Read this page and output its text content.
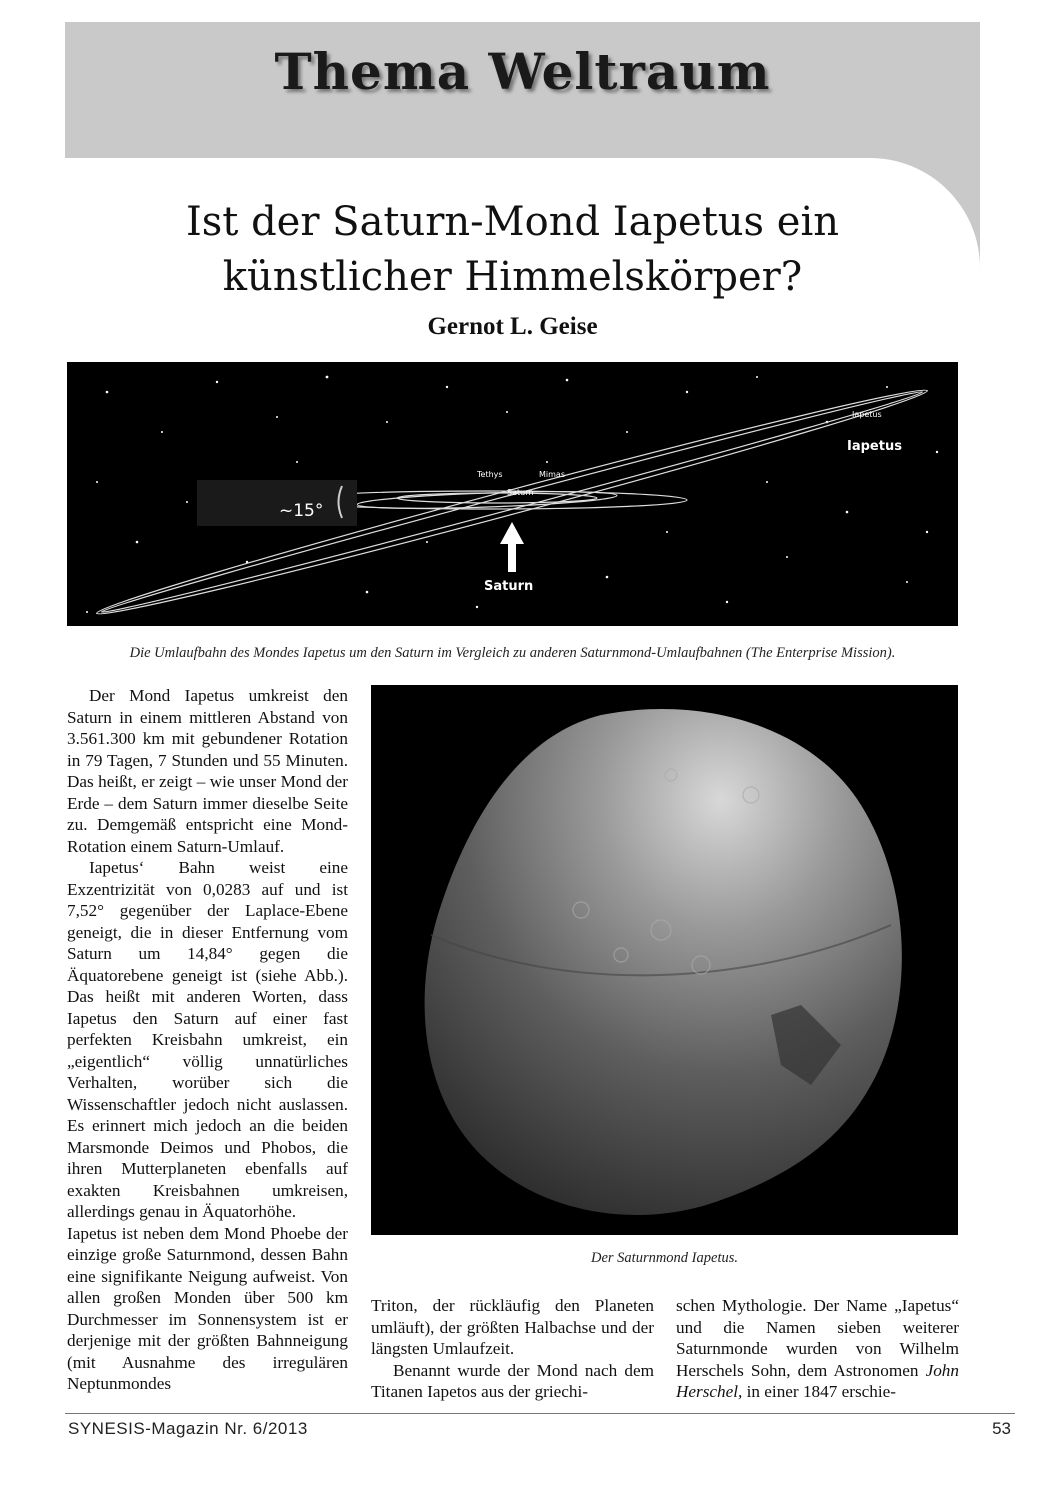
Thema Weltraum
Ist der Saturn-Mond Iapetus ein
künstlicher Himmelskörper?

Gernot L. Geise

~15°
Tethys	Mimas
Saturn
Iapetus
Iapetus
Saturn

Die Umlaufbahn des Mondes Iapetus um den Saturn im Vergleich zu anderen Saturnmond-Umlaufbahnen (The Enterprise Mission).

Der Saturnmond Iapetus.

Der Mond Iapetus umkreist den Saturn in einem mittleren Abstand von 3.561.300 km mit gebundener Rotation in 79 Tagen, 7 Stunden und 55 Minuten. Das heißt, er zeigt – wie unser Mond der Erde – dem Saturn immer dieselbe Seite zu. Demgemäß entspricht eine Mond-Rotation einem Saturn-Umlauf.

Iapetus‘ Bahn weist eine Exzentrizität von 0,0283 auf und ist 7,52° gegenüber der Laplace-Ebene geneigt, die in dieser Entfernung vom Saturn um 14,84° gegen die Äquatorebene geneigt ist (siehe Abb.). Das heißt mit anderen Worten, dass Iapetus den Saturn auf einer fast perfekten Kreisbahn umkreist, ein „eigentlich“ völlig unnatürliches Verhalten, worüber sich die Wissenschaftler jedoch nicht auslassen. Es erinnert mich jedoch an die beiden Marsmonde Deimos und Phobos, die ihren Mutterplaneten ebenfalls auf exakten Kreisbahnen umkreisen, allerdings genau in Äquatorhöhe.

Iapetus ist neben dem Mond Phoebe der einzige große Saturnmond, dessen Bahn eine signifikante Neigung aufweist. Von allen großen Monden über 500 km Durchmesser im Sonnensystem ist er derjenige mit der größten Bahnneigung (mit Ausnahme des irregulären Neptunmondes

Triton, der rückläufig den Planeten umläuft), der größten Halbachse und der längsten Umlaufzeit.

Benannt wurde der Mond nach dem Titanen Iapetos aus der griechi-

schen Mythologie. Der Name „Iapetus“ und die Namen sieben weiterer Saturnmonde wurden von Wilhelm Herschels Sohn, dem Astronomen John Herschel, in einer 1847 erschie-

SYNESIS-Magazin Nr. 6/2013	53
